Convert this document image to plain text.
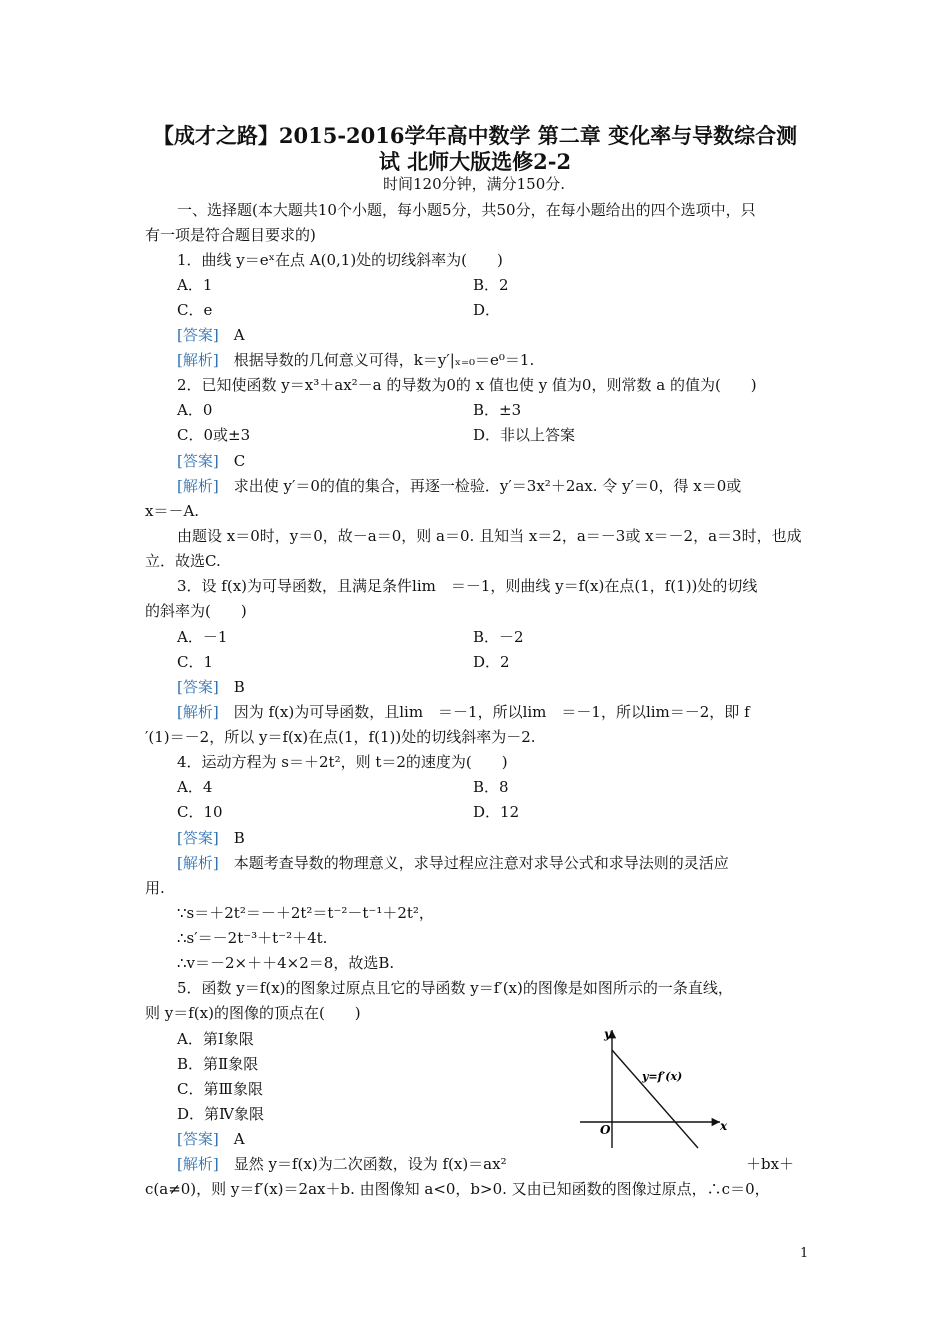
【成才之路】2015-2016学年高中数学 第二章 变化率与导数综合测
试 北师大版选修2-2
时间120分钟，满分150分.
一、选择题(本大题共10个小题，每小题5分，共50分，在每小题给出的四个选项中，只
有一项是符合题目要求的)
1．曲线 y＝eˣ在点 A(0,1)处的切线斜率为(　　)
A．1	B．2
C．e	D．
[答案]　 A
[解析]　 根据导数的几何意义可得，k＝y′|ₓ₌₀＝e⁰＝1.
2．已知使函数 y＝x³＋ax²－a 的导数为0的 x 值也使 y 值为0，则常数 a 的值为(　　)
A．0	B．±3
C．0或±3	D．非以上答案
[答案]　 C
[解析]　 求出使 y′＝0的值的集合，再逐一检验．y′＝3x²＋2ax. 令 y′＝0，得 x＝0或
x＝－A.
由题设 x＝0时，y＝0，故－a＝0，则 a＝0. 且知当 x＝2，a＝－3或 x＝－2，a＝3时，也成
立．故选C.
3．设 f(x)为可导函数，且满足条件lim　＝－1，则曲线 y＝f(x)在点(1，f(1))处的切线
的斜率为(　　)
A．－1	B．－2
C．1	D．2
[答案]　 B
[解析]　 因为 f(x)为可导函数，且lim　＝－1，所以lim　＝－1，所以lim＝－2，即 f
′(1)＝－2，所以 y＝f(x)在点(1，f(1))处的切线斜率为－2.
4．运动方程为 s＝＋2t²，则 t＝2的速度为(　　)
A．4	B．8
C．10	D．12
[答案]　 B
[解析]　 本题考查导数的物理意义，求导过程应注意对求导公式和求导法则的灵活应
用.
∵s＝＋2t²＝－＋2t²＝t⁻²－t⁻¹＋2t²，
∴s′＝－2t⁻³＋t⁻²＋4t.
∴v＝－2×＋＋4×2＝8，故选B.
5．函数 y＝f(x)的图象过原点且它的导函数 y＝f′(x)的图像是如图所示的一条直线，
则 y＝f(x)的图像的顶点在(　　)
A．第Ⅰ象限
B．第Ⅱ象限
C．第Ⅲ象限
D．第Ⅳ象限
[答案]　 A
[解析]　 显然 y＝f(x)为二次函数，设为 f(x)＝ax²	＋bx＋
c(a≠0)，则 y＝f′(x)＝2ax＋b. 由图像知 a<0，b>0. 又由已知函数的图像过原点，∴c＝0，
y
x
O
y=f′(x)
1
